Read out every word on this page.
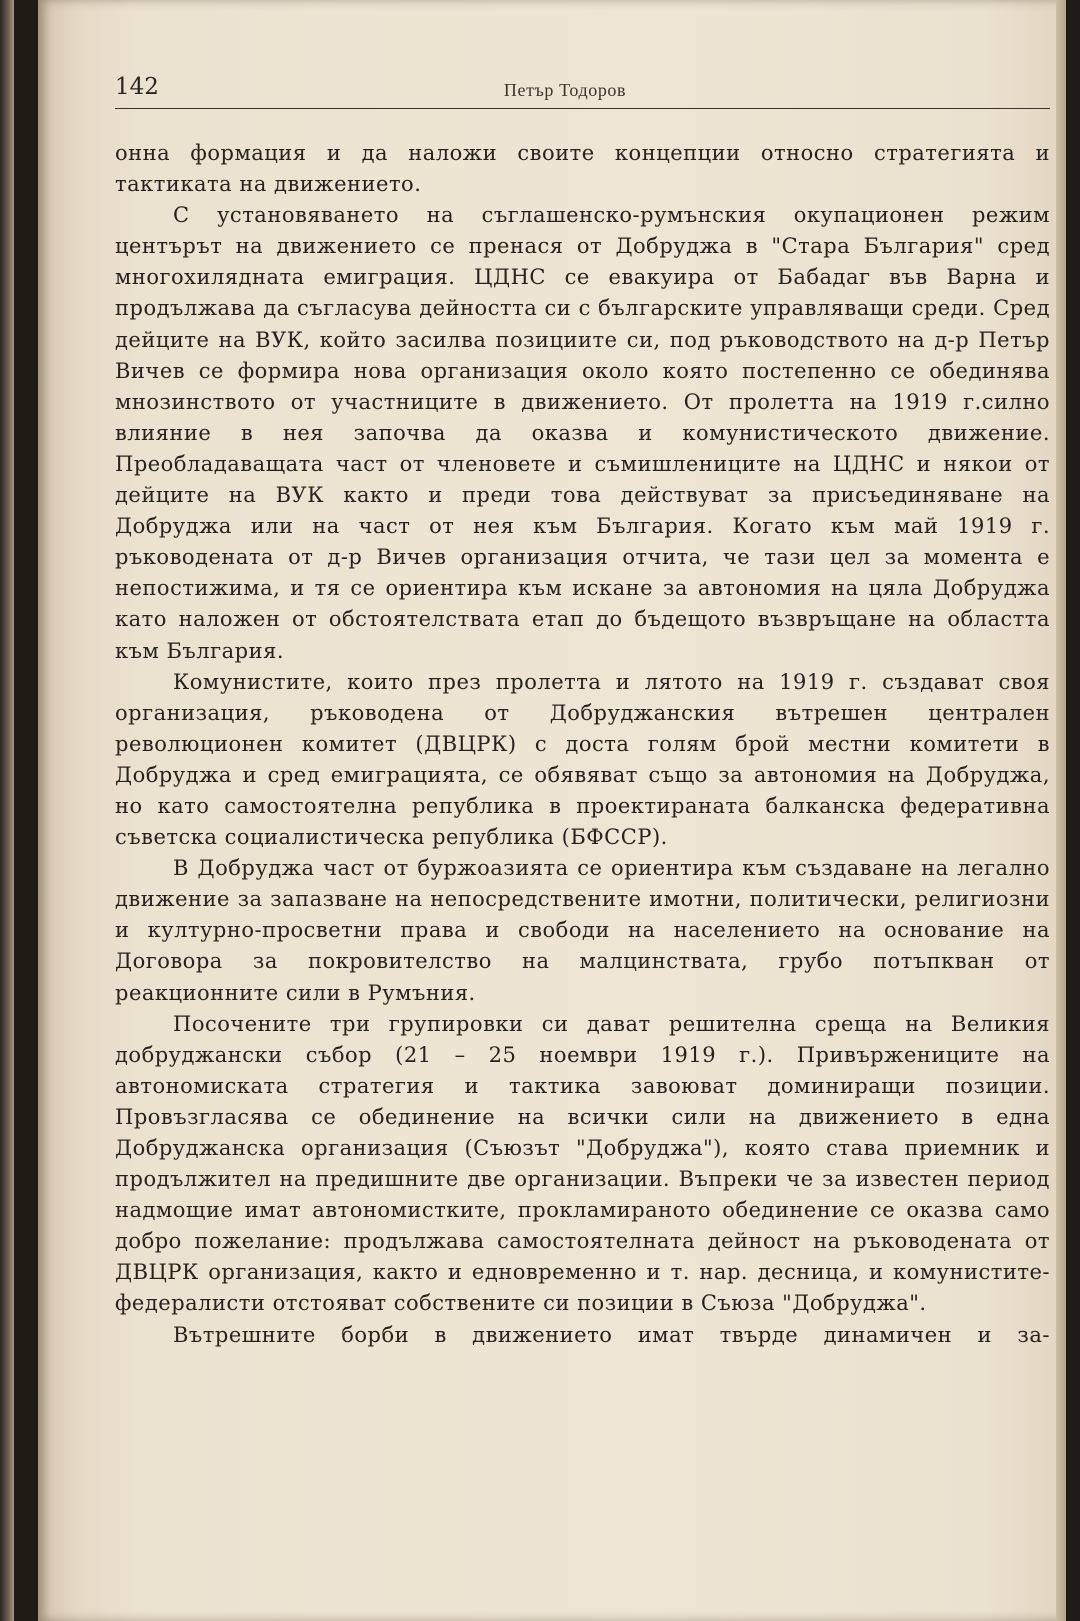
142	Петър Тодоров

онна формация и да наложи своите концепции относно стратегията и тактиката на движението.

С установяването на съглашенско-румънския окупационен режим центърът на движението се пренася от Добруджа в "Стара България" сред многохилядната емиграция. ЦДНС се евакуира от Бабадаг във Варна и продължава да съгласува дейността си с българските управляващи среди. Сред дейците на ВУК, който засилва позициите си, под ръководството на д-р Петър Вичев се формира нова организация около която постепенно се обединява мнозинството от участниците в движението. От пролетта на 1919 г.силно влияние в нея започва да оказва и комунистическото движение. Преобладаващата част от членовете и съмишлениците на ЦДНС и някои от дейците на ВУК както и преди това действуват за присъединяване на Добруджа или на част от нея към България. Когато към май 1919 г. ръководената от д-р Вичев организация отчита, че тази цел за момента е непостижима, и тя се ориентира към искане за автономия на цяла Добруджа като наложен от обстоятелствата етап до бъдещото възвръщане на областта към България.

Комунистите, които през пролетта и лятото на 1919 г. създават своя организация, ръководена от Добруджанския вътрешен централен революционен комитет (ДВЦРК) с доста голям брой местни комитети в Добруджа и сред емиграцията, се обявяват също за автономия на Добруджа, но като самостоятелна република в проектираната балканска федеративна съветска социалистическа република (БФССР).

В Добруджа част от буржоазията се ориентира към създаване на легално движение за запазване на непосредствените имотни, политически, религиозни и културно-просветни права и свободи на населението на основание на Договора за покровителство на малцинствата, грубо потъпкван от реакционните сили в Румъния.

Посочените три групировки си дават решителна среща на Великия добруджански събор (21 – 25 ноември 1919 г.). Привържениците на автономиската стратегия и тактика завоюват доминиращи позиции. Провъзгласява се обединение на всички сили на движението в една Добруджанска организация (Съюзът "Добруджа"), която става приемник и продължител на предишните две организации. Въпреки че за известен период надмощие имат автономистките, прокламираното обединение се оказва само добро пожелание: продължава самостоятелната дейност на ръководената от ДВЦРК организация, както и едновременно и т. нар. десница, и комунистите-федералисти отстояват собствените си позиции в Съюза "Добруджа".

Вътрешните борби в движението имат твърде динамичен и за-
